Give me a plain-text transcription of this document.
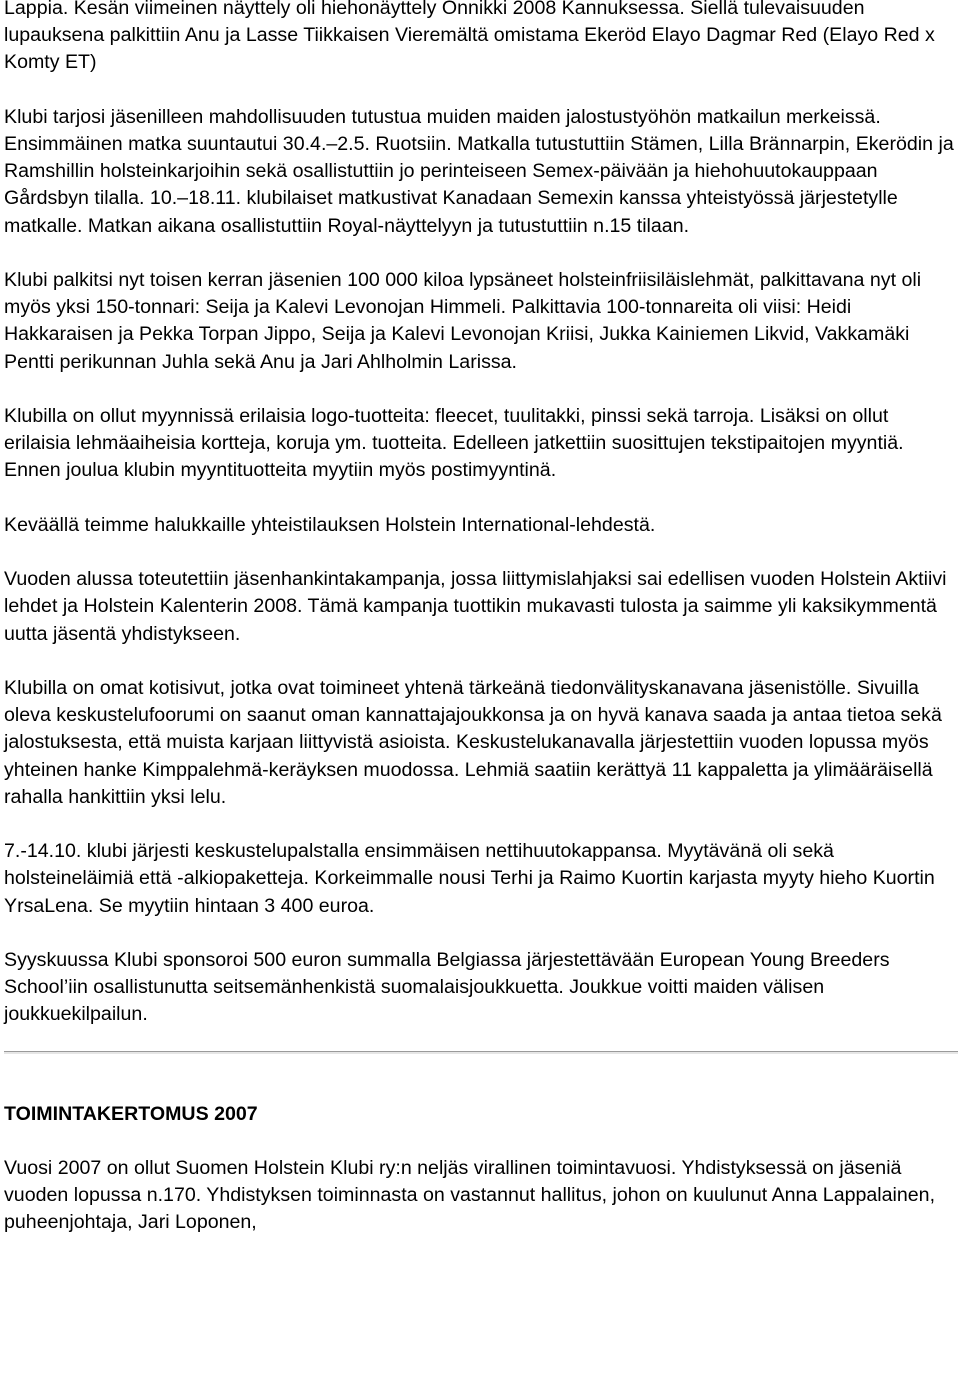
Lappia. Kesän viimeinen näyttely oli hiehonäyttely Onnikki 2008 Kannuksessa. Siellä tulevaisuuden lupauksena palkittiin Anu ja Lasse Tiikkaisen Vieremältä omistama Ekeröd Elayo Dagmar Red (Elayo Red x Komty ET)

Klubi tarjosi jäsenilleen mahdollisuuden tutustua muiden maiden jalostustyöhön matkailun merkeissä. Ensimmäinen matka suuntautui 30.4.–2.5. Ruotsiin. Matkalla tutustuttiin Stämen, Lilla Brännarpin, Ekerödin ja Ramshillin holsteinkarjoihin sekä osallistuttiin jo perinteiseen Semex-päivään ja hiehohuutokauppaan Gårdsbyn tilalla. 10.–18.11. klubilaiset matkustivat Kanadaan Semexin kanssa yhteistyössä järjestetylle matkalle. Matkan aikana osallistuttiin Royal-näyttelyyn ja tutustuttiin n.15 tilaan.

Klubi palkitsi nyt toisen kerran jäsenien 100 000 kiloa lypsäneet holsteinfriisiläislehmät, palkittavana nyt oli myös yksi 150-tonnari: Seija ja Kalevi Levonojan Himmeli. Palkittavia 100-tonnareita oli viisi: Heidi Hakkaraisen ja Pekka Torpan Jippo, Seija ja Kalevi Levonojan Kriisi, Jukka Kainiemen Likvid, Vakkamäki Pentti perikunnan Juhla sekä Anu ja Jari Ahlholmin Larissa.

Klubilla on ollut myynnissä erilaisia logo-tuotteita: fleecet, tuulitakki, pinssi sekä tarroja. Lisäksi on ollut erilaisia lehmäaiheisia kortteja, koruja ym. tuotteita. Edelleen jatkettiin suosittujen tekstipaitojen myyntiä. Ennen joulua klubin myyntituotteita myytiin myös postimyyntinä.

Keväällä teimme halukkaille yhteistilauksen Holstein International-lehdestä.

Vuoden alussa toteutettiin jäsenhankintakampanja, jossa liittymislahjaksi sai edellisen vuoden Holstein Aktiivi lehdet ja Holstein Kalenterin 2008. Tämä kampanja tuottikin mukavasti tulosta ja saimme yli kaksikymmentä uutta jäsentä yhdistykseen.

Klubilla on omat kotisivut, jotka ovat toimineet yhtenä tärkeänä tiedonvälityskanavana jäsenistölle. Sivuilla oleva keskustelufoorumi on saanut oman kannattajajoukkonsa ja on hyvä kanava saada ja antaa tietoa sekä jalostuksesta, että muista karjaan liittyvistä asioista. Keskustelukanavalla järjestettiin vuoden lopussa myös yhteinen hanke Kimppalehmä-keräyksen muodossa. Lehmiä saatiin kerättyä 11 kappaletta ja ylimääräisellä rahalla hankittiin yksi lelu.

7.-14.10. klubi järjesti keskustelupalstalla ensimmäisen nettihuutokappansa. Myytävänä oli sekä holsteineläimiä että -alkiopaketteja. Korkeimmalle nousi Terhi ja Raimo Kuortin karjasta myyty hieho Kuortin YrsaLena. Se myytiin hintaan 3 400 euroa.

Syyskuussa Klubi sponsoroi 500 euron summalla Belgiassa järjestettävään European Young Breeders School’iin osallistunutta seitsemänhenkistä suomalaisjoukkuetta. Joukkue voitti maiden välisen joukkuekilpailun.

TOIMINTAKERTOMUS 2007

Vuosi 2007 on ollut Suomen Holstein Klubi ry:n neljäs virallinen toimintavuosi. Yhdistyksessä on jäseniä vuoden lopussa n.170. Yhdistyksen toiminnasta on vastannut hallitus, johon on kuulunut Anna Lappalainen, puheenjohtaja, Jari Loponen,
